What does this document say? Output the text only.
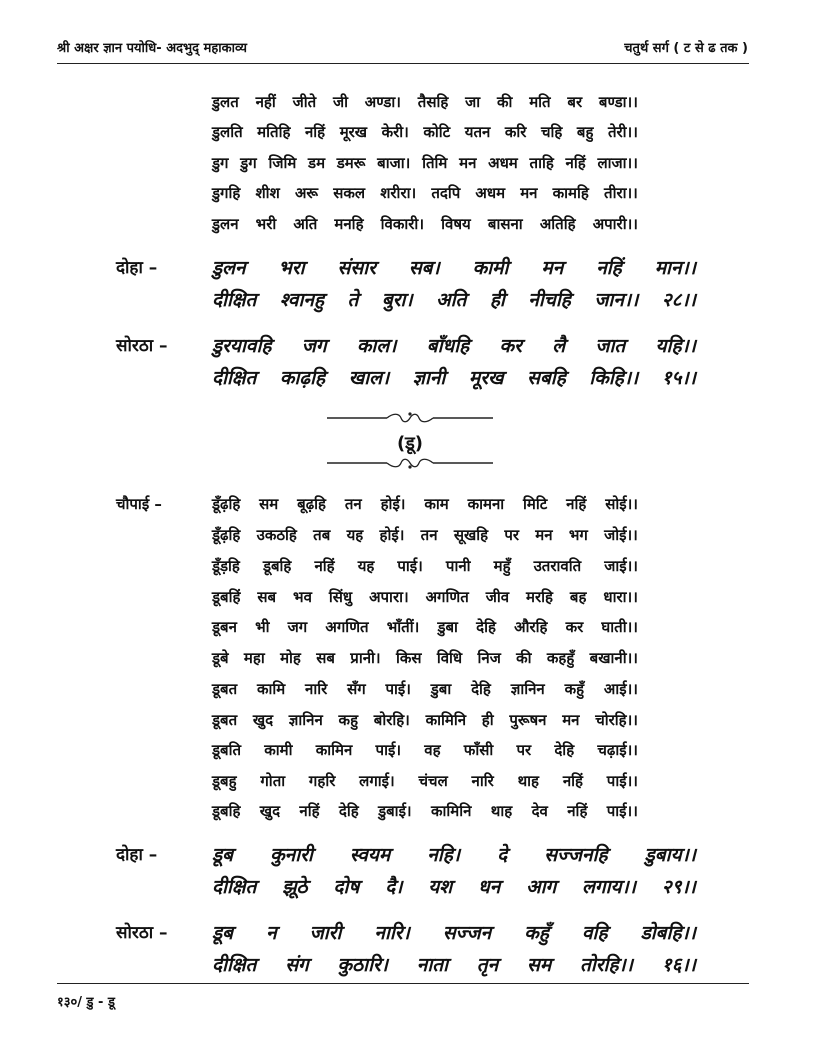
श्री अक्षर ज्ञान पयोधि- अदभुद् महाकाव्य	चतुर्थ सर्ग ( ट से ढ तक )
डुलत नहीं जीते जी अण्डा। तैसहि जा की मति बर बण्डा।।
डुलति मतिहि नहिं मूरख केरी। कोटि यतन करि चहि बहु तेरी।।
डुग डुग जिमि डम डमरू बाजा। तिमि मन अधम ताहि नहिं लाजा।।
डुगहि शीश अरू सकल शरीरा। तदपि अधम मन कामहि तीरा।।
डुलन भरी अति मनहि विकारी। विषय बासना अतिहि अपारी।।
दोहा –	डुलन भरा संसार सब। कामी मन नहिं मान।।
दीक्षित श्वानहु ते बुरा। अति ही नीचहि जान।। २८।।
सोरठा – डुरयावहि जग काल। बाँधहि कर लै जात यहि।।
दीक्षित काढ़हि खाल। ज्ञानी मूरख सबहि किहि।। १५।।
(डू)
चौपाई –	डूँढ़हि सम बूढ़हि तन होई। काम कामना मिटि नहिं सोई।।
डूँढ़हि उकठहि तब यह होई। तन सूखहि पर मन भग जोई।।
डूँड़हि डूबहि नहिं यह पाई। पानी महुँ उतरावति जाई।।
डूबहिं सब भव सिंधु अपारा। अगणित जीव मरहि बह धारा।।
डूबन भी जग अगणित भाँतीं। डुबा देहि औरहि कर घाती।।
डूबे महा मोह सब प्रानी। किस विधि निज की कहहुँ बखानी।।
डूबत कामि नारि सँग पाई। डुबा देहि ज्ञानिन कहुँ आई।।
डूबत खुद ज्ञानिन कहु बोरहि। कामिनि ही पुरूषन मन चोरहि।।
डूबति कामी कामिन पाई। वह फाँसी पर देहि चढ़ाई।।
डूबहु गोता गहरि लगाई। चंचल नारि थाह नहिं पाई।।
डूबहि खुद नहिं देहि डुबाई। कामिनि थाह देव नहिं पाई।।
दोहा –	डूब कुनारी स्वयम नहि। दे सज्जनहि डुबाय।।
दीक्षित झूठे दोष दै। यश धन आग लगाय।। २९।।
सोरठा – डूब न जारी नारि। सज्जन कहुँ वहि डोबहि।।
दीक्षित संग कुठारि। नाता तृन सम तोरहि।। १६।।
१३०/ डु - डू
